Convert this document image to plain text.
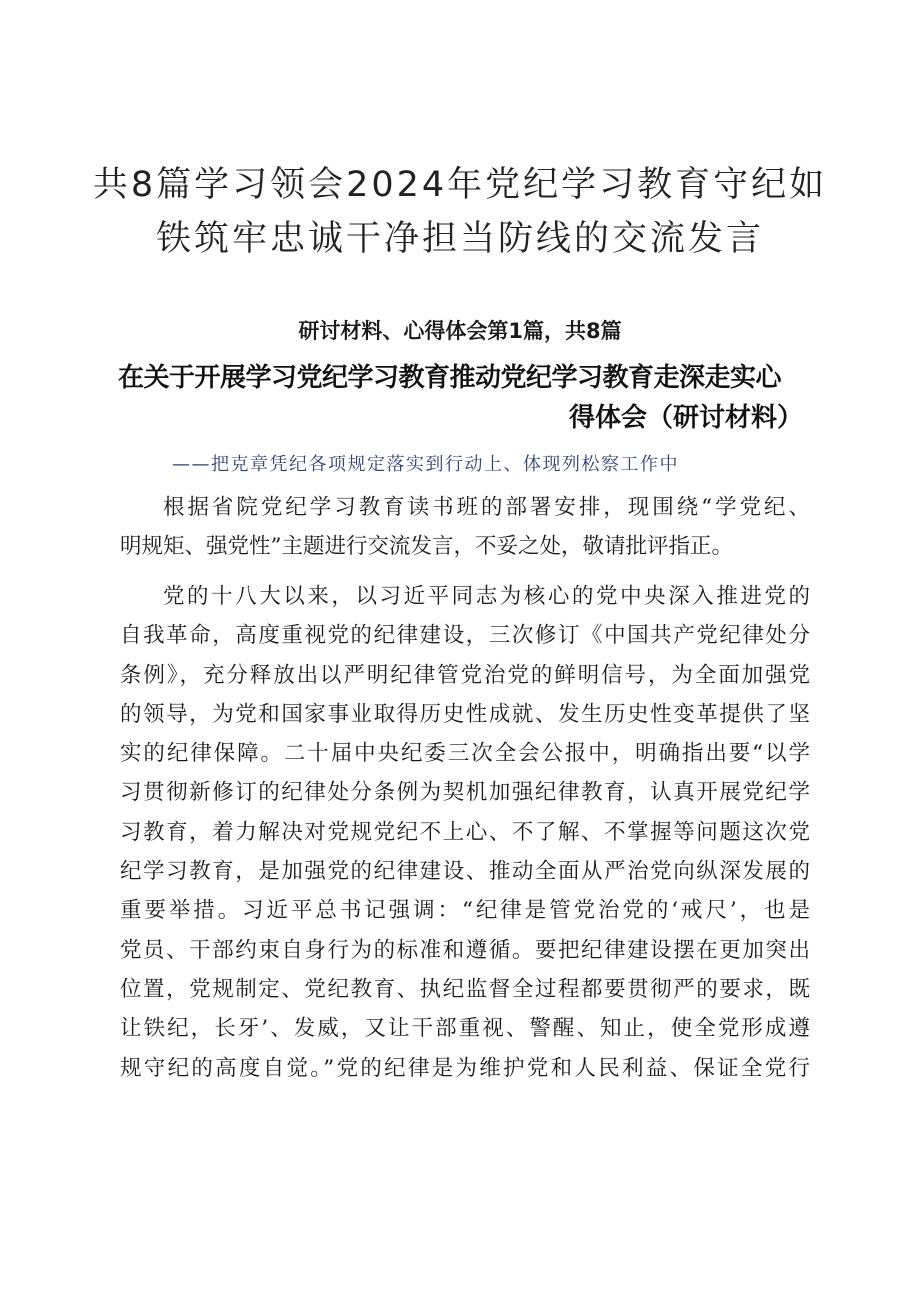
共8篇学习领会2024年党纪学习教育守纪如
铁筑牢忠诚干净担当防线的交流发言
研讨材料、心得体会第1篇，共8篇
在关于开展学习党纪学习教育推动党纪学习教育走深走实心
得体会（研讨材料）
——把克章凭纪各项规定落实到行动上、体现列松察工作中
根据省院党纪学习教育读书班的部署安排，现围绕“学党纪、
明规矩、强党性”主题进行交流发言，不妥之处，敬请批评指正。
党的十八大以来，以习近平同志为核心的党中央深入推进党的
自我革命，高度重视党的纪律建设，三次修订《中国共产党纪律处分
条例》，充分释放出以严明纪律管党治党的鲜明信号，为全面加强党
的领导，为党和国家事业取得历史性成就、发生历史性变革提供了坚
实的纪律保障。二十届中央纪委三次全会公报中，明确指出要“以学
习贯彻新修订的纪律处分条例为契机加强纪律教育，认真开展党纪学
习教育，着力解决对党规党纪不上心、不了解、不掌握等问题这次党
纪学习教育，是加强党的纪律建设、推动全面从严治党向纵深发展的
重要举措。习近平总书记强调：“纪律是管党治党的‘戒尺’，也是
党员、干部约束自身行为的标准和遵循。要把纪律建设摆在更加突出
位置，党规制定、党纪教育、执纪监督全过程都要贯彻严的要求，既
让铁纪，长牙’、发威，又让干部重视、警醒、知止，使全党形成遵
规守纪的高度自觉。”党的纪律是为维护党和人民利益、保证全党行
